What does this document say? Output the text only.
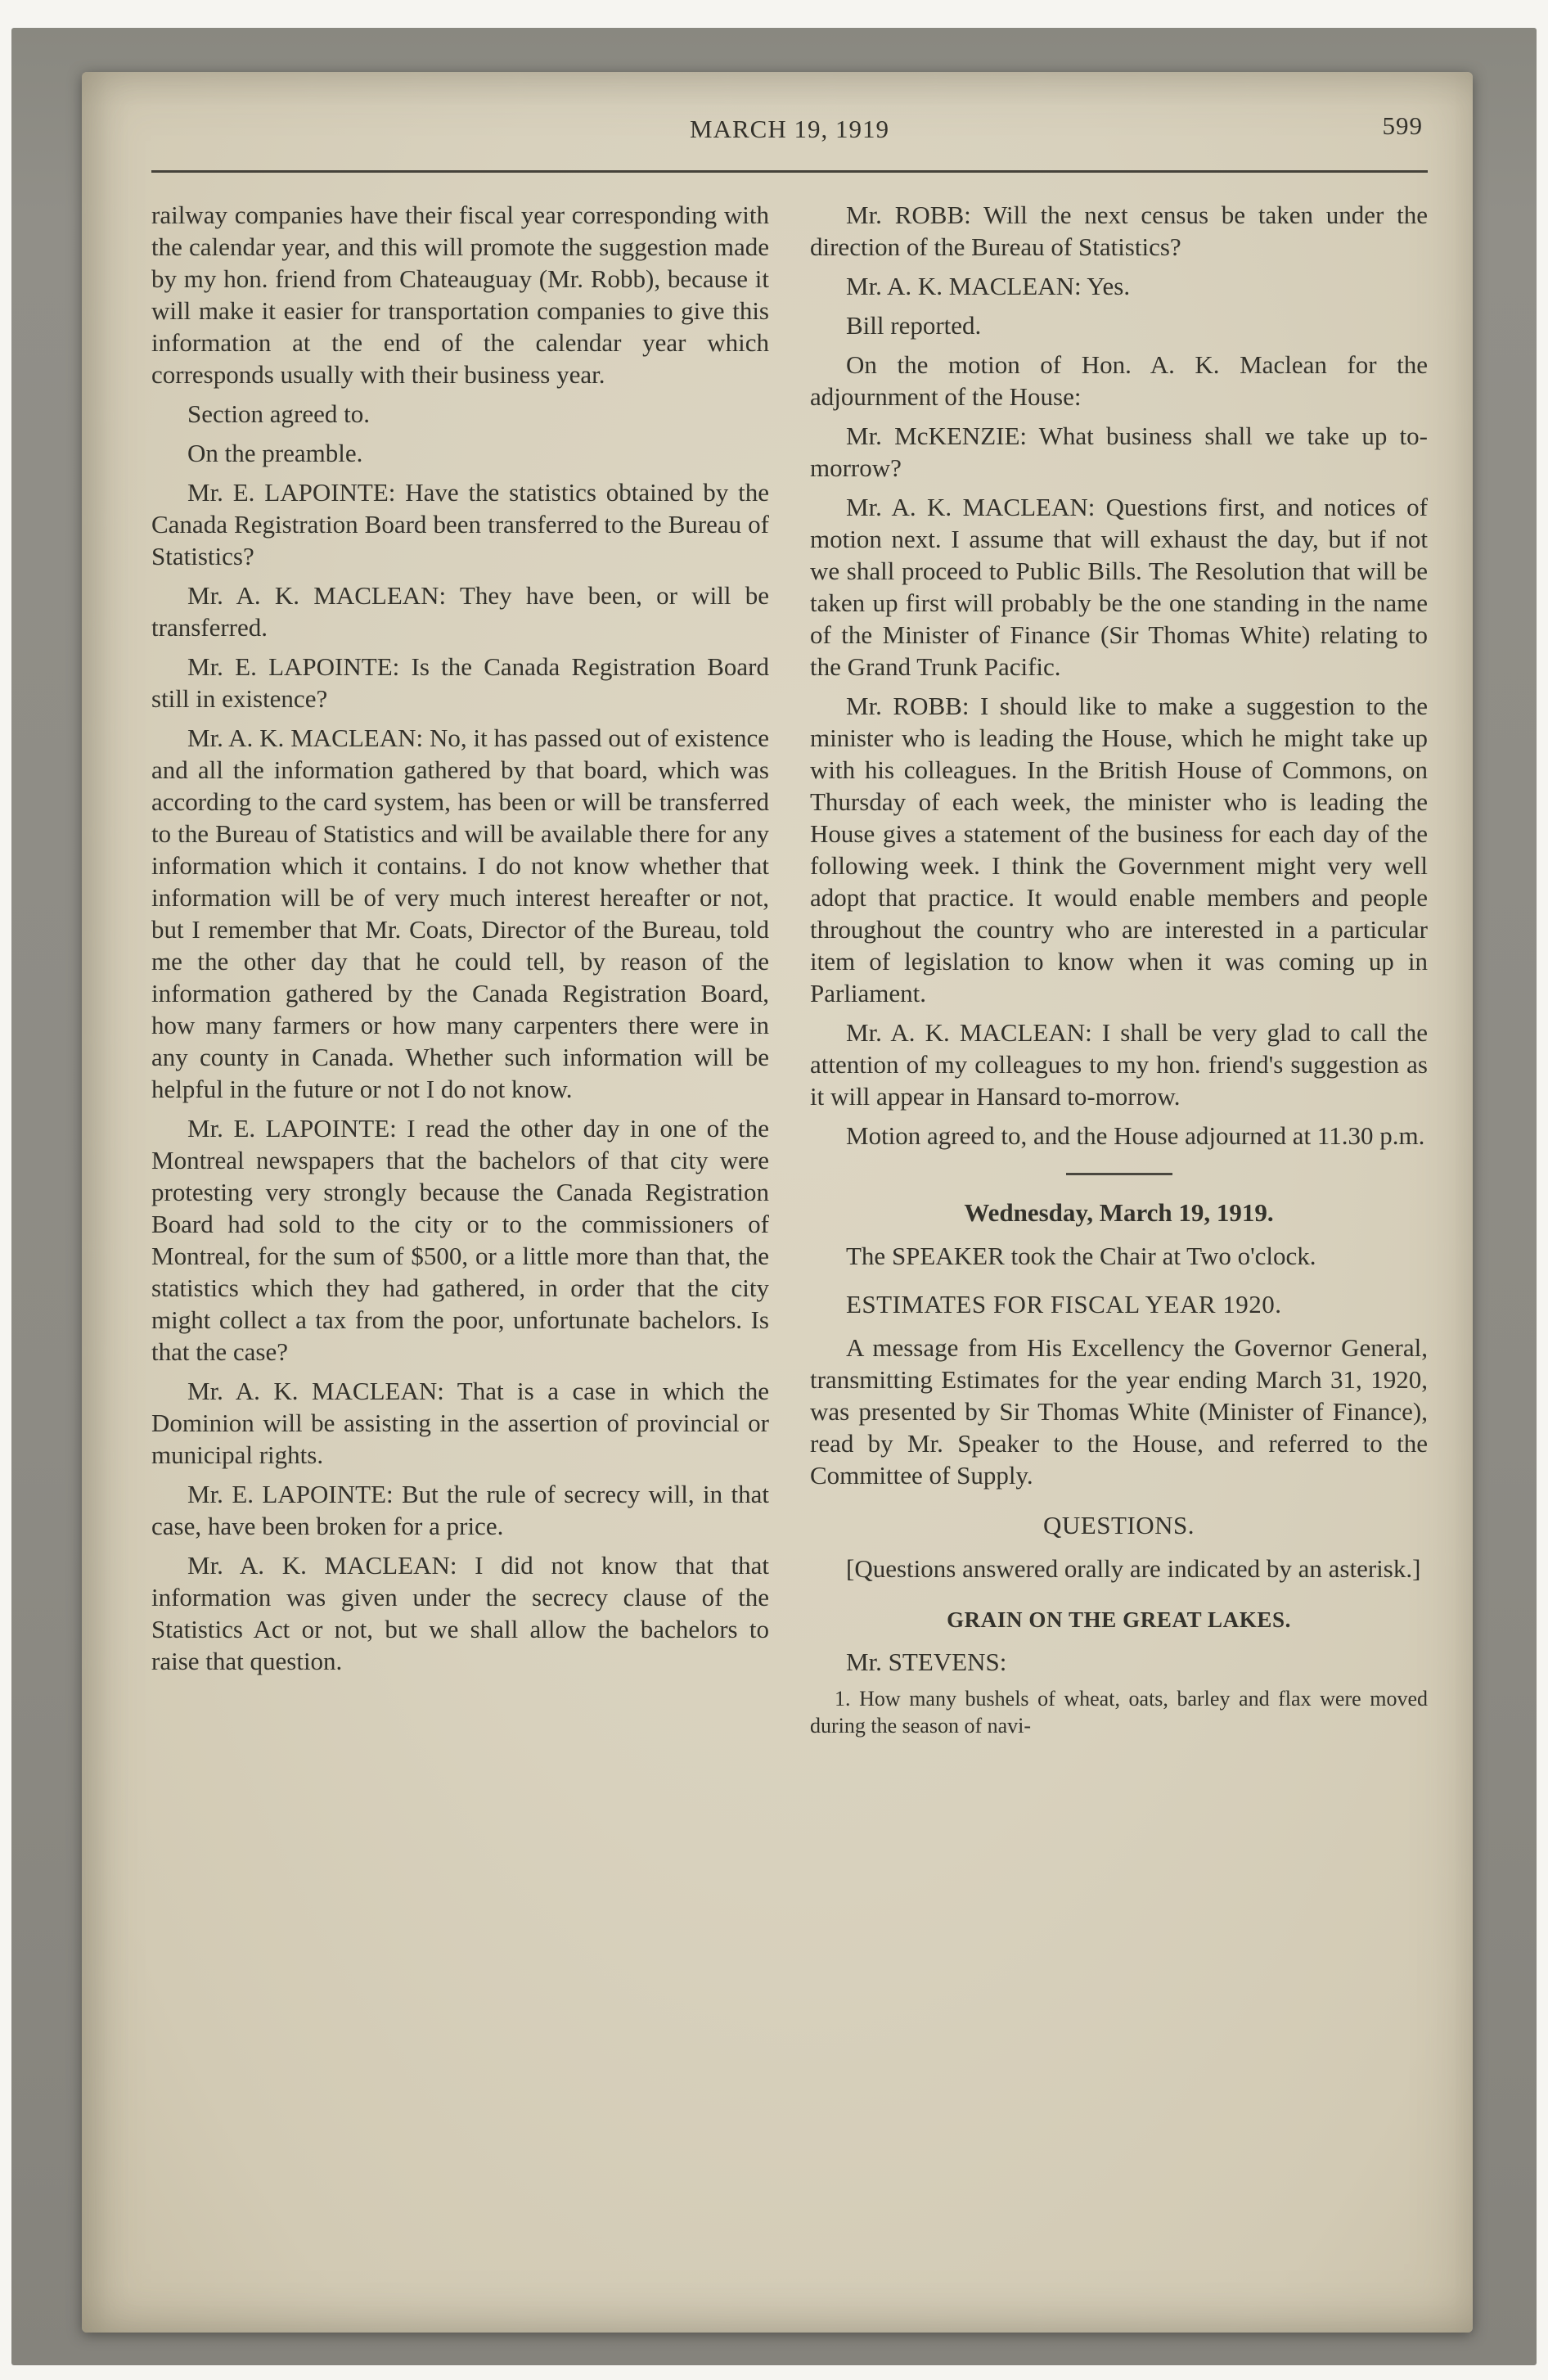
MARCH 19, 1919	599

railway companies have their fiscal year corresponding with the calendar year, and this will promote the suggestion made by my hon. friend from Chateauguay (Mr. Robb), because it will make it easier for transportation companies to give this information at the end of the calendar year which corresponds usually with their business year.

Section agreed to.

On the preamble.

Mr. E. LAPOINTE: Have the statistics obtained by the Canada Registration Board been transferred to the Bureau of Statistics?

Mr. A. K. MACLEAN: They have been, or will be transferred.

Mr. E. LAPOINTE: Is the Canada Registration Board still in existence?

Mr. A. K. MACLEAN: No, it has passed out of existence and all the information gathered by that board, which was according to the card system, has been or will be transferred to the Bureau of Statistics and will be available there for any information which it contains. I do not know whether that information will be of very much interest hereafter or not, but I remember that Mr. Coats, Director of the Bureau, told me the other day that he could tell, by reason of the information gathered by the Canada Registration Board, how many farmers or how many carpenters there were in any county in Canada. Whether such information will be helpful in the future or not I do not know.

Mr. E. LAPOINTE: I read the other day in one of the Montreal newspapers that the bachelors of that city were protesting very strongly because the Canada Registration Board had sold to the city or to the commissioners of Montreal, for the sum of $500, or a little more than that, the statistics which they had gathered, in order that the city might collect a tax from the poor, unfortunate bachelors. Is that the case?

Mr. A. K. MACLEAN: That is a case in which the Dominion will be assisting in the assertion of provincial or municipal rights.

Mr. E. LAPOINTE: But the rule of secrecy will, in that case, have been broken for a price.

Mr. A. K. MACLEAN: I did not know that that information was given under the secrecy clause of the Statistics Act or not, but we shall allow the bachelors to raise that question.

Mr. ROBB: Will the next census be taken under the direction of the Bureau of Statistics?

Mr. A. K. MACLEAN: Yes.

Bill reported.

On the motion of Hon. A. K. Maclean for the adjournment of the House:

Mr. McKENZIE: What business shall we take up to-morrow?

Mr. A. K. MACLEAN: Questions first, and notices of motion next. I assume that will exhaust the day, but if not we shall proceed to Public Bills. The Resolution that will be taken up first will probably be the one standing in the name of the Minister of Finance (Sir Thomas White) relating to the Grand Trunk Pacific.

Mr. ROBB: I should like to make a suggestion to the minister who is leading the House, which he might take up with his colleagues. In the British House of Commons, on Thursday of each week, the minister who is leading the House gives a statement of the business for each day of the following week. I think the Government might very well adopt that practice. It would enable members and people throughout the country who are interested in a particular item of legislation to know when it was coming up in Parliament.

Mr. A. K. MACLEAN: I shall be very glad to call the attention of my colleagues to my hon. friend's suggestion as it will appear in Hansard to-morrow.

Motion agreed to, and the House adjourned at 11.30 p.m.

Wednesday, March 19, 1919.

The SPEAKER took the Chair at Two o'clock.

ESTIMATES FOR FISCAL YEAR 1920.

A message from His Excellency the Governor General, transmitting Estimates for the year ending March 31, 1920, was presented by Sir Thomas White (Minister of Finance), read by Mr. Speaker to the House, and referred to the Committee of Supply.

QUESTIONS.

[Questions answered orally are indicated by an asterisk.]

GRAIN ON THE GREAT LAKES.

Mr. STEVENS:

1. How many bushels of wheat, oats, barley and flax were moved during the season of navi-
